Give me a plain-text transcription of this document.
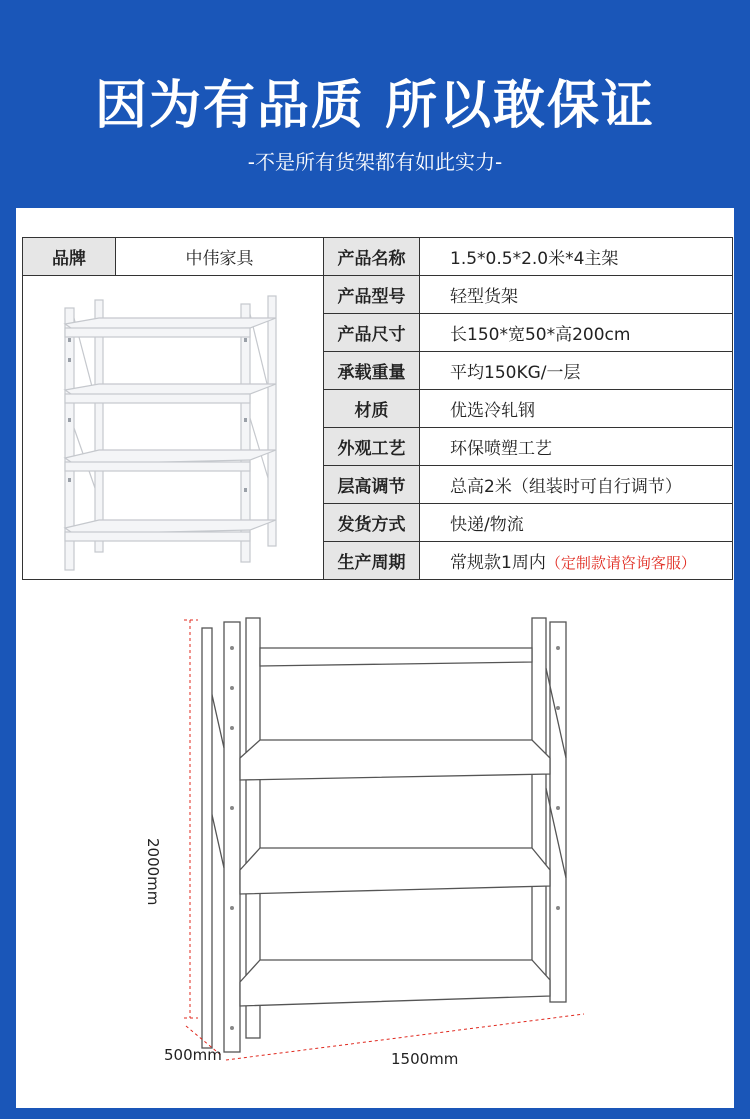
因为有品质 所以敢保证
-不是所有货架都有如此实力-
品牌	中伟家具	产品名称	1.5*0.5*2.0米*4主架

	产品型号	轻型货架
		产品尺寸	长150*宽50*高200cm
		承载重量	平均150KG/一层
		材质	优选冷轧钢
		外观工艺	环保喷塑工艺
		层高调节	总高2米（组装时可自行调节）
		发货方式	快递/物流
		生产周期	常规款1周内（定制款请咨询客服）
2000mm
500mm	1500mm
